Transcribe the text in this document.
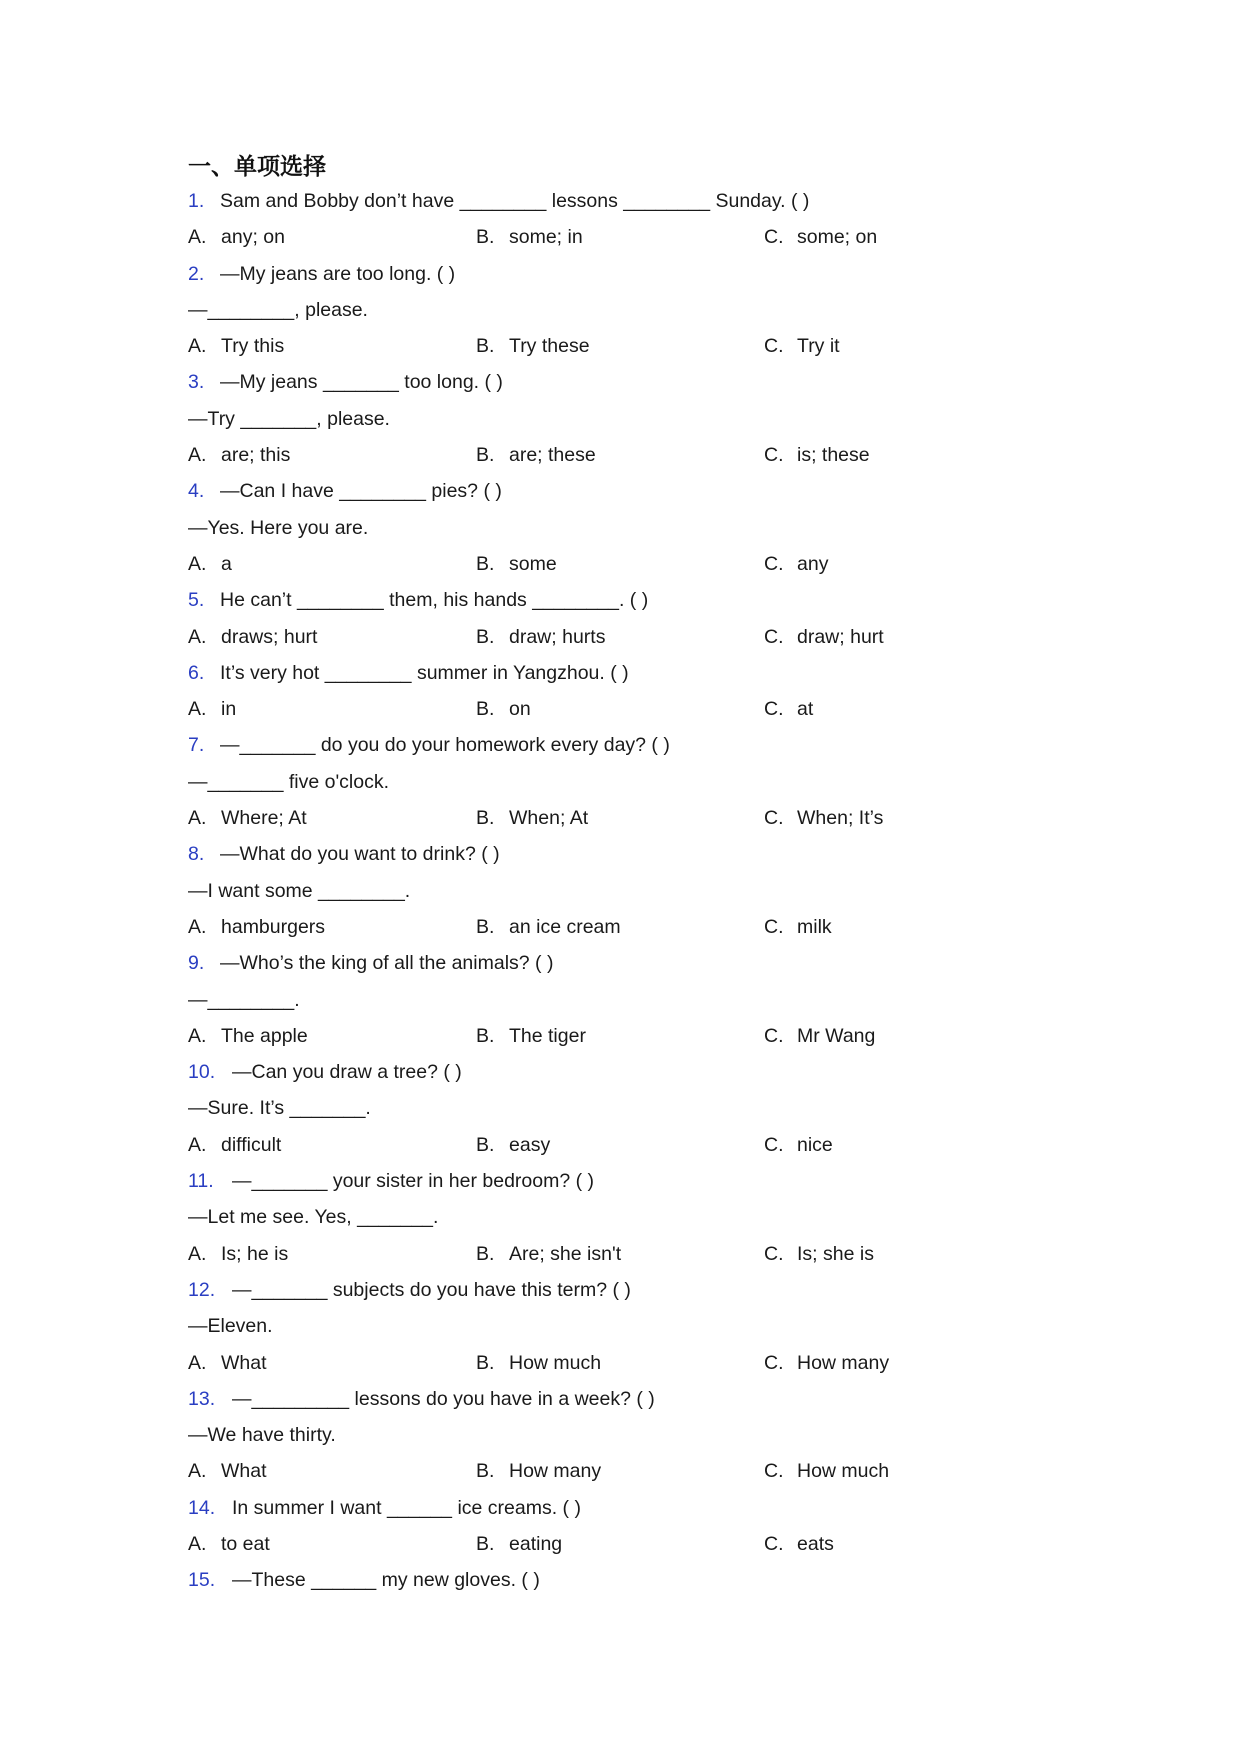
一、单项选择
1. Sam and Bobby don’t have ________ lessons ________ Sunday. ( )
A. any; on	B. some; in	C. some; on
2. —My jeans are too long. ( )
—________, please.
A. Try this	B. Try these	C. Try it
3. —My jeans _______ too long. ( )
—Try _______, please.
A. are; this	B. are; these	C. is; these
4. —Can I have ________ pies? ( )
—Yes. Here you are.
A. a	B. some	C. any
5. He can’t ________ them, his hands ________. ( )
A. draws; hurt	B. draw; hurts	C. draw; hurt
6. It’s very hot ________ summer in Yangzhou. ( )
A. in	B. on	C. at
7. —_______ do you do your homework every day? ( )
—_______ five o'clock.
A. Where; At	B. When; At	C. When; It’s
8. —What do you want to drink? ( )
—I want some ________.
A. hamburgers	B. an ice cream	C. milk
9. —Who’s the king of all the animals? ( )
—________.
A. The apple	B. The tiger	C. Mr Wang
10. —Can you draw a tree? ( )
—Sure. It’s _______.
A. difficult	B. easy	C. nice
11. —_______ your sister in her bedroom? ( )
—Let me see. Yes, _______.
A. Is; he is	B. Are; she isn't	C. Is; she is
12. —_______ subjects do you have this term? ( )
—Eleven.
A. What	B. How much	C. How many
13. —_________ lessons do you have in a week? ( )
—We have thirty.
A. What	B. How many	C. How much
14. In summer I want ______ ice creams. ( )
A. to eat	B. eating	C. eats
15. —These ______ my new gloves. ( )
